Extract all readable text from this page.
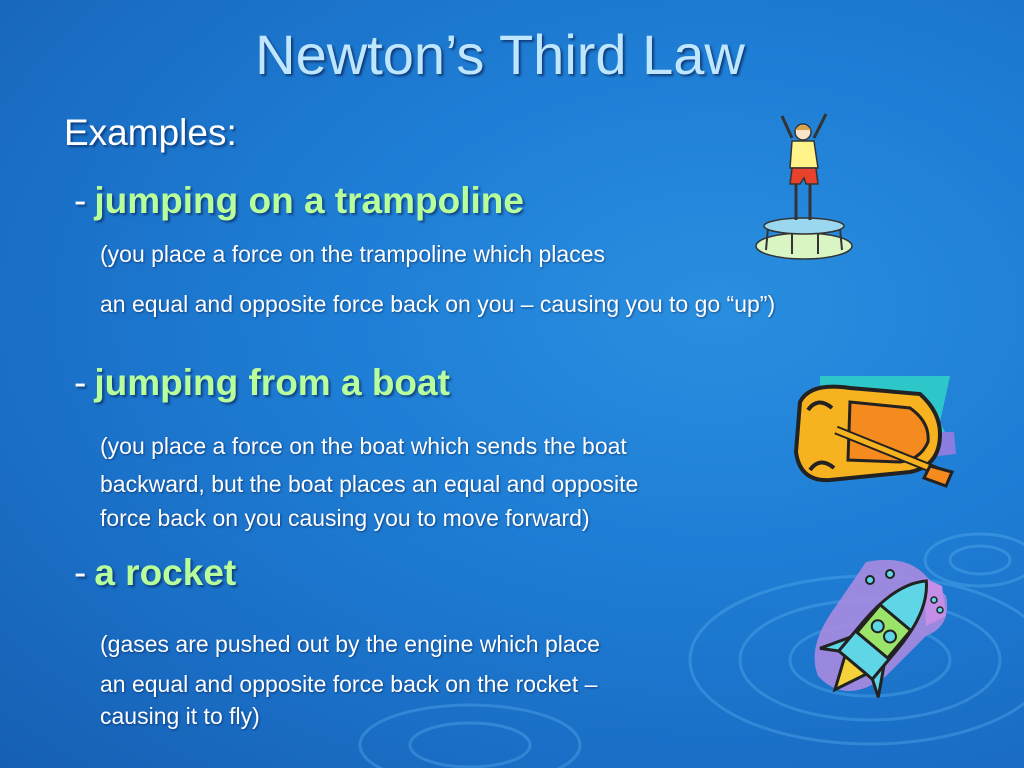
Newton’s Third Law
Examples:
- jumping on a trampoline
(you place a force on the trampoline which places
an equal and opposite force back on you – causing you to go “up”)
- jumping from a boat
(you place a force on the boat which sends the boat
backward, but the boat places an equal and opposite
force back on you causing you to move forward)
- a rocket
(gases are pushed out by the engine which place
an equal and opposite force back on the rocket –
causing it to fly)
